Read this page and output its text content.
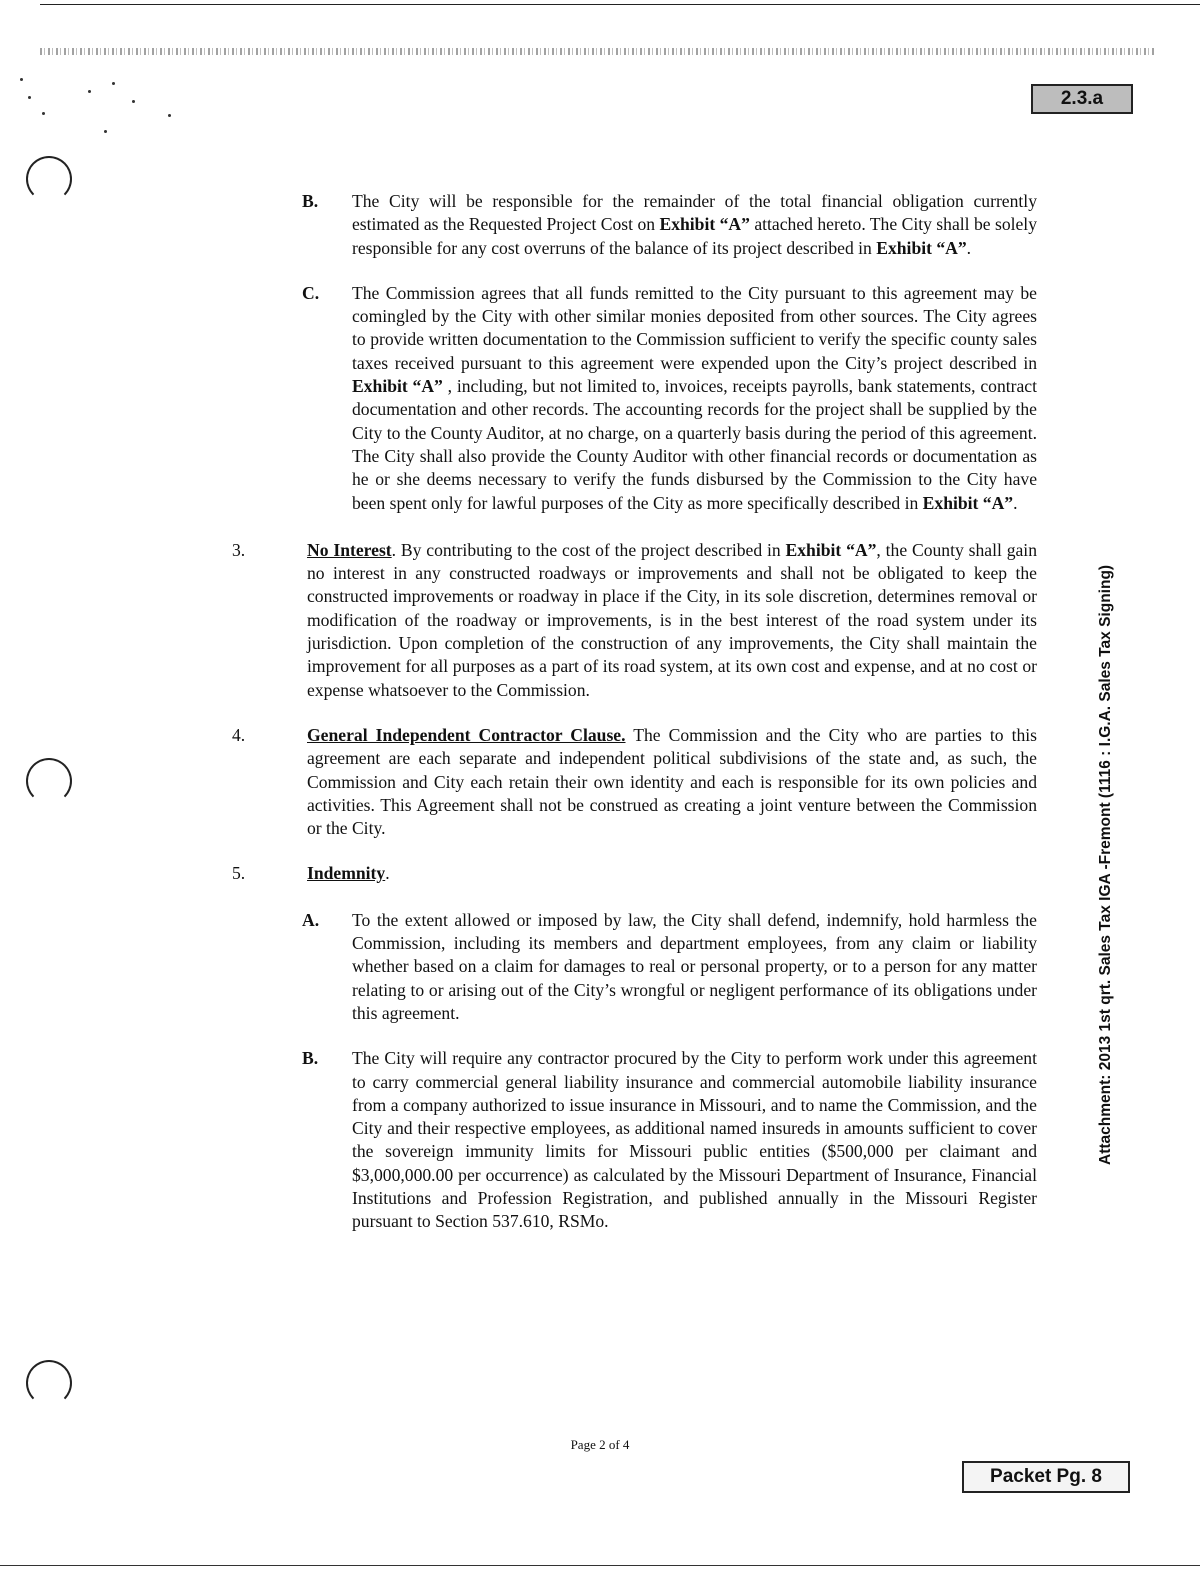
2.3.a
Attachment: 2013 1st qrt. Sales Tax IGA -Fremont (1116 : I.G.A. Sales Tax Signing)
B.	The City will be responsible for the remainder of the total financial obligation currently estimated as the Requested Project Cost on Exhibit “A” attached hereto. The City shall be solely responsible for any cost overruns of the balance of its project described in Exhibit “A”.
C.	The Commission agrees that all funds remitted to the City pursuant to this agreement may be comingled by the City with other similar monies deposited from other sources. The City agrees to provide written documentation to the Commission sufficient to verify the specific county sales taxes received pursuant to this agreement were expended upon the City’s project described in Exhibit “A” , including, but not limited to, invoices, receipts payrolls, bank statements, contract documentation and other records. The accounting records for the project shall be supplied by the City to the County Auditor, at no charge, on a quarterly basis during the period of this agreement. The City shall also provide the County Auditor with other financial records or documentation as he or she deems necessary to verify the funds disbursed by the Commission to the City have been spent only for lawful purposes of the City as more specifically described in Exhibit “A”.
3.	No Interest. By contributing to the cost of the project described in Exhibit “A”, the County shall gain no interest in any constructed roadways or improvements and shall not be obligated to keep the constructed improvements or roadway in place if the City, in its sole discretion, determines removal or modification of the roadway or improvements, is in the best interest of the road system under its jurisdiction. Upon completion of the construction of any improvements, the City shall maintain the improvement for all purposes as a part of its road system, at its own cost and expense, and at no cost or expense whatsoever to the Commission.
4.	General Independent Contractor Clause. The Commission and the City who are parties to this agreement are each separate and independent political subdivisions of the state and, as such, the Commission and City each retain their own identity and each is responsible for its own policies and activities. This Agreement shall not be construed as creating a joint venture between the Commission or the City.
5.	Indemnity.
A.	To the extent allowed or imposed by law, the City shall defend, indemnify, hold harmless the Commission, including its members and department employees, from any claim or liability whether based on a claim for damages to real or personal property, or to a person for any matter relating to or arising out of the City’s wrongful or negligent performance of its obligations under this agreement.
B.	The City will require any contractor procured by the City to perform work under this agreement to carry commercial general liability insurance and commercial automobile liability insurance from a company authorized to issue insurance in Missouri, and to name the Commission, and the City and their respective employees, as additional named insureds in amounts sufficient to cover the sovereign immunity limits for Missouri public entities ($500,000 per claimant and $3,000,000.00 per occurrence) as calculated by the Missouri Department of Insurance, Financial Institutions and Profession Registration, and published annually in the Missouri Register pursuant to Section 537.610, RSMo.
Page 2 of 4
Packet Pg. 8
